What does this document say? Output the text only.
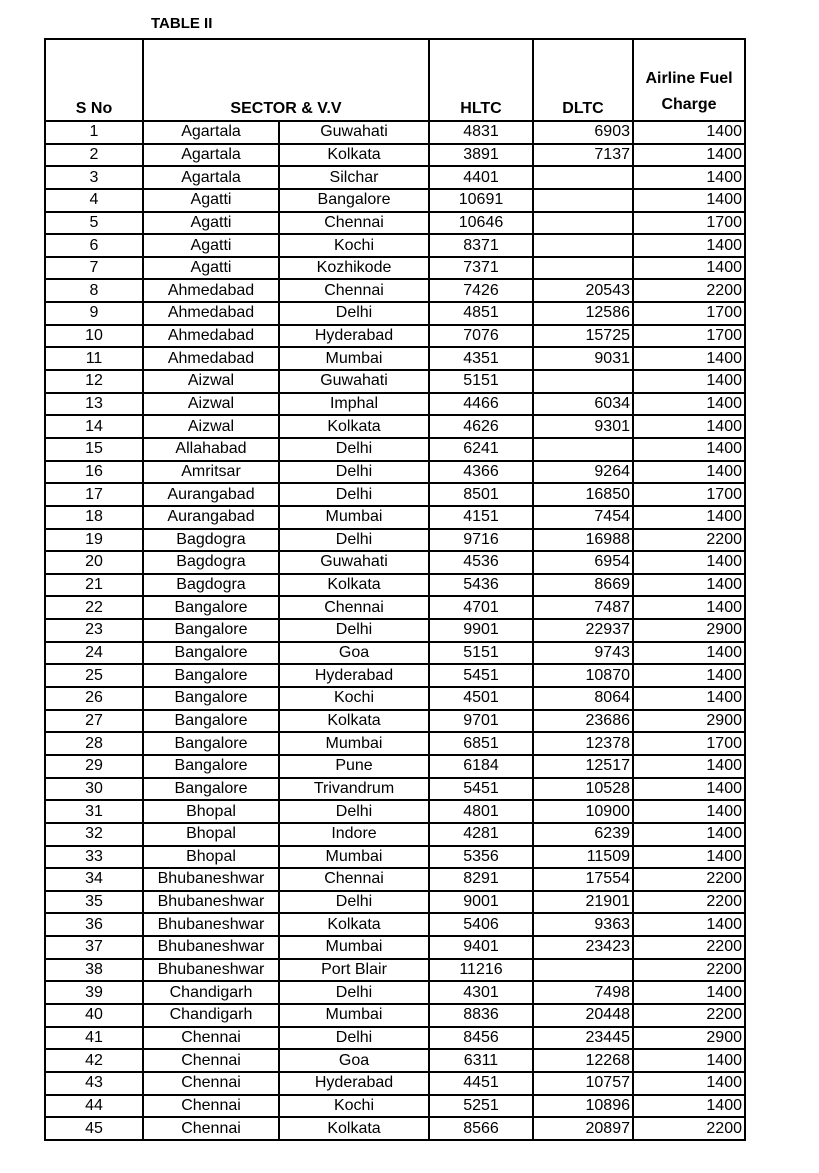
TABLE II
S No	SECTOR & V.V		HLTC	DLTC	Airline Fuel
Charge
1	Agartala	Guwahati	4831	6903	1400
2	Agartala	Kolkata	3891	7137	1400
3	Agartala	Silchar	4401		1400
4	Agatti	Bangalore	10691		1400
5	Agatti	Chennai	10646		1700
6	Agatti	Kochi	8371		1400
7	Agatti	Kozhikode	7371		1400
8	Ahmedabad	Chennai	7426	20543	2200
9	Ahmedabad	Delhi	4851	12586	1700
10	Ahmedabad	Hyderabad	7076	15725	1700
11	Ahmedabad	Mumbai	4351	9031	1400
12	Aizwal	Guwahati	5151		1400
13	Aizwal	Imphal	4466	6034	1400
14	Aizwal	Kolkata	4626	9301	1400
15	Allahabad	Delhi	6241		1400
16	Amritsar	Delhi	4366	9264	1400
17	Aurangabad	Delhi	8501	16850	1700
18	Aurangabad	Mumbai	4151	7454	1400
19	Bagdogra	Delhi	9716	16988	2200
20	Bagdogra	Guwahati	4536	6954	1400
21	Bagdogra	Kolkata	5436	8669	1400
22	Bangalore	Chennai	4701	7487	1400
23	Bangalore	Delhi	9901	22937	2900
24	Bangalore	Goa	5151	9743	1400
25	Bangalore	Hyderabad	5451	10870	1400
26	Bangalore	Kochi	4501	8064	1400
27	Bangalore	Kolkata	9701	23686	2900
28	Bangalore	Mumbai	6851	12378	1700
29	Bangalore	Pune	6184	12517	1400
30	Bangalore	Trivandrum	5451	10528	1400
31	Bhopal	Delhi	4801	10900	1400
32	Bhopal	Indore	4281	6239	1400
33	Bhopal	Mumbai	5356	11509	1400
34	Bhubaneshwar	Chennai	8291	17554	2200
35	Bhubaneshwar	Delhi	9001	21901	2200
36	Bhubaneshwar	Kolkata	5406	9363	1400
37	Bhubaneshwar	Mumbai	9401	23423	2200
38	Bhubaneshwar	Port Blair	11216		2200
39	Chandigarh	Delhi	4301	7498	1400
40	Chandigarh	Mumbai	8836	20448	2200
41	Chennai	Delhi	8456	23445	2900
42	Chennai	Goa	6311	12268	1400
43	Chennai	Hyderabad	4451	10757	1400
44	Chennai	Kochi	5251	10896	1400
45	Chennai	Kolkata	8566	20897	2200
